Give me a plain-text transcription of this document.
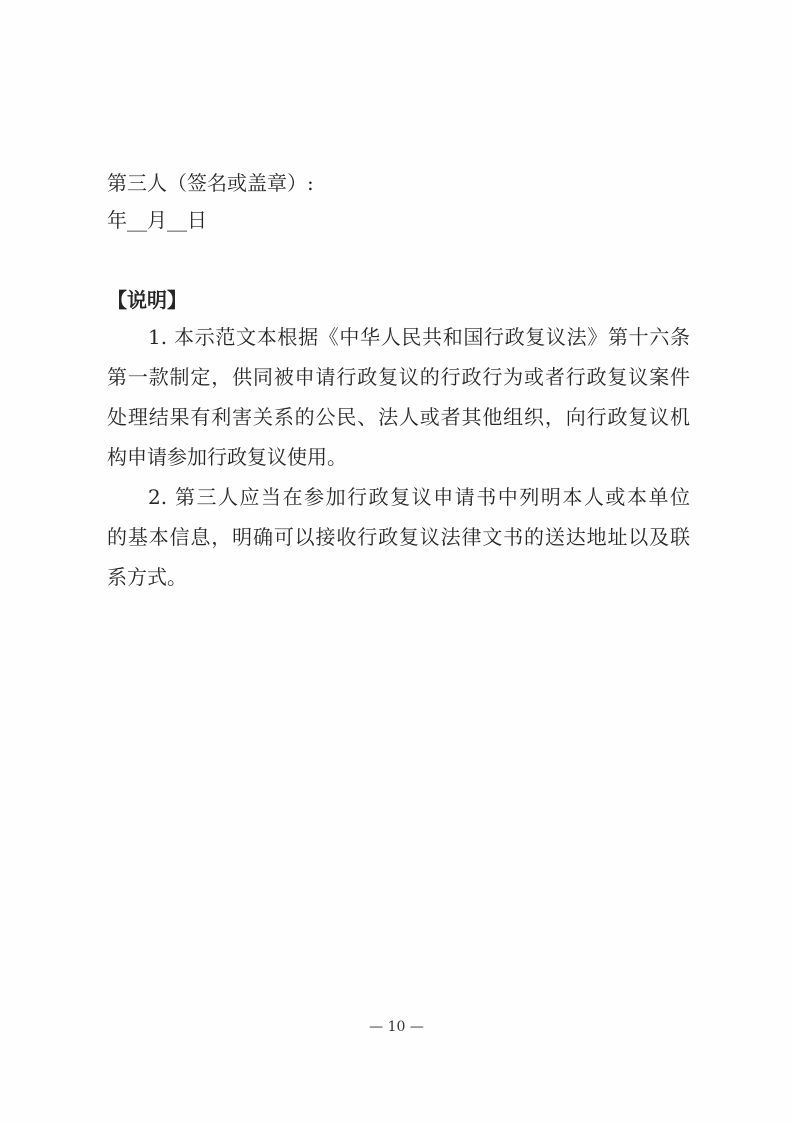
第三人（签名或盖章）:
年__月__日
【说明】
1. 本示范文本根据《中华人民共和国行政复议法》第十六条
第一款制定，供同被申请行政复议的行政行为或者行政复议案件
处理结果有利害关系的公民、法人或者其他组织，向行政复议机
构申请参加行政复议使用。
2. 第三人应当在参加行政复议申请书中列明本人或本单位
的基本信息，明确可以接收行政复议法律文书的送达地址以及联
系方式。
— 10 —
